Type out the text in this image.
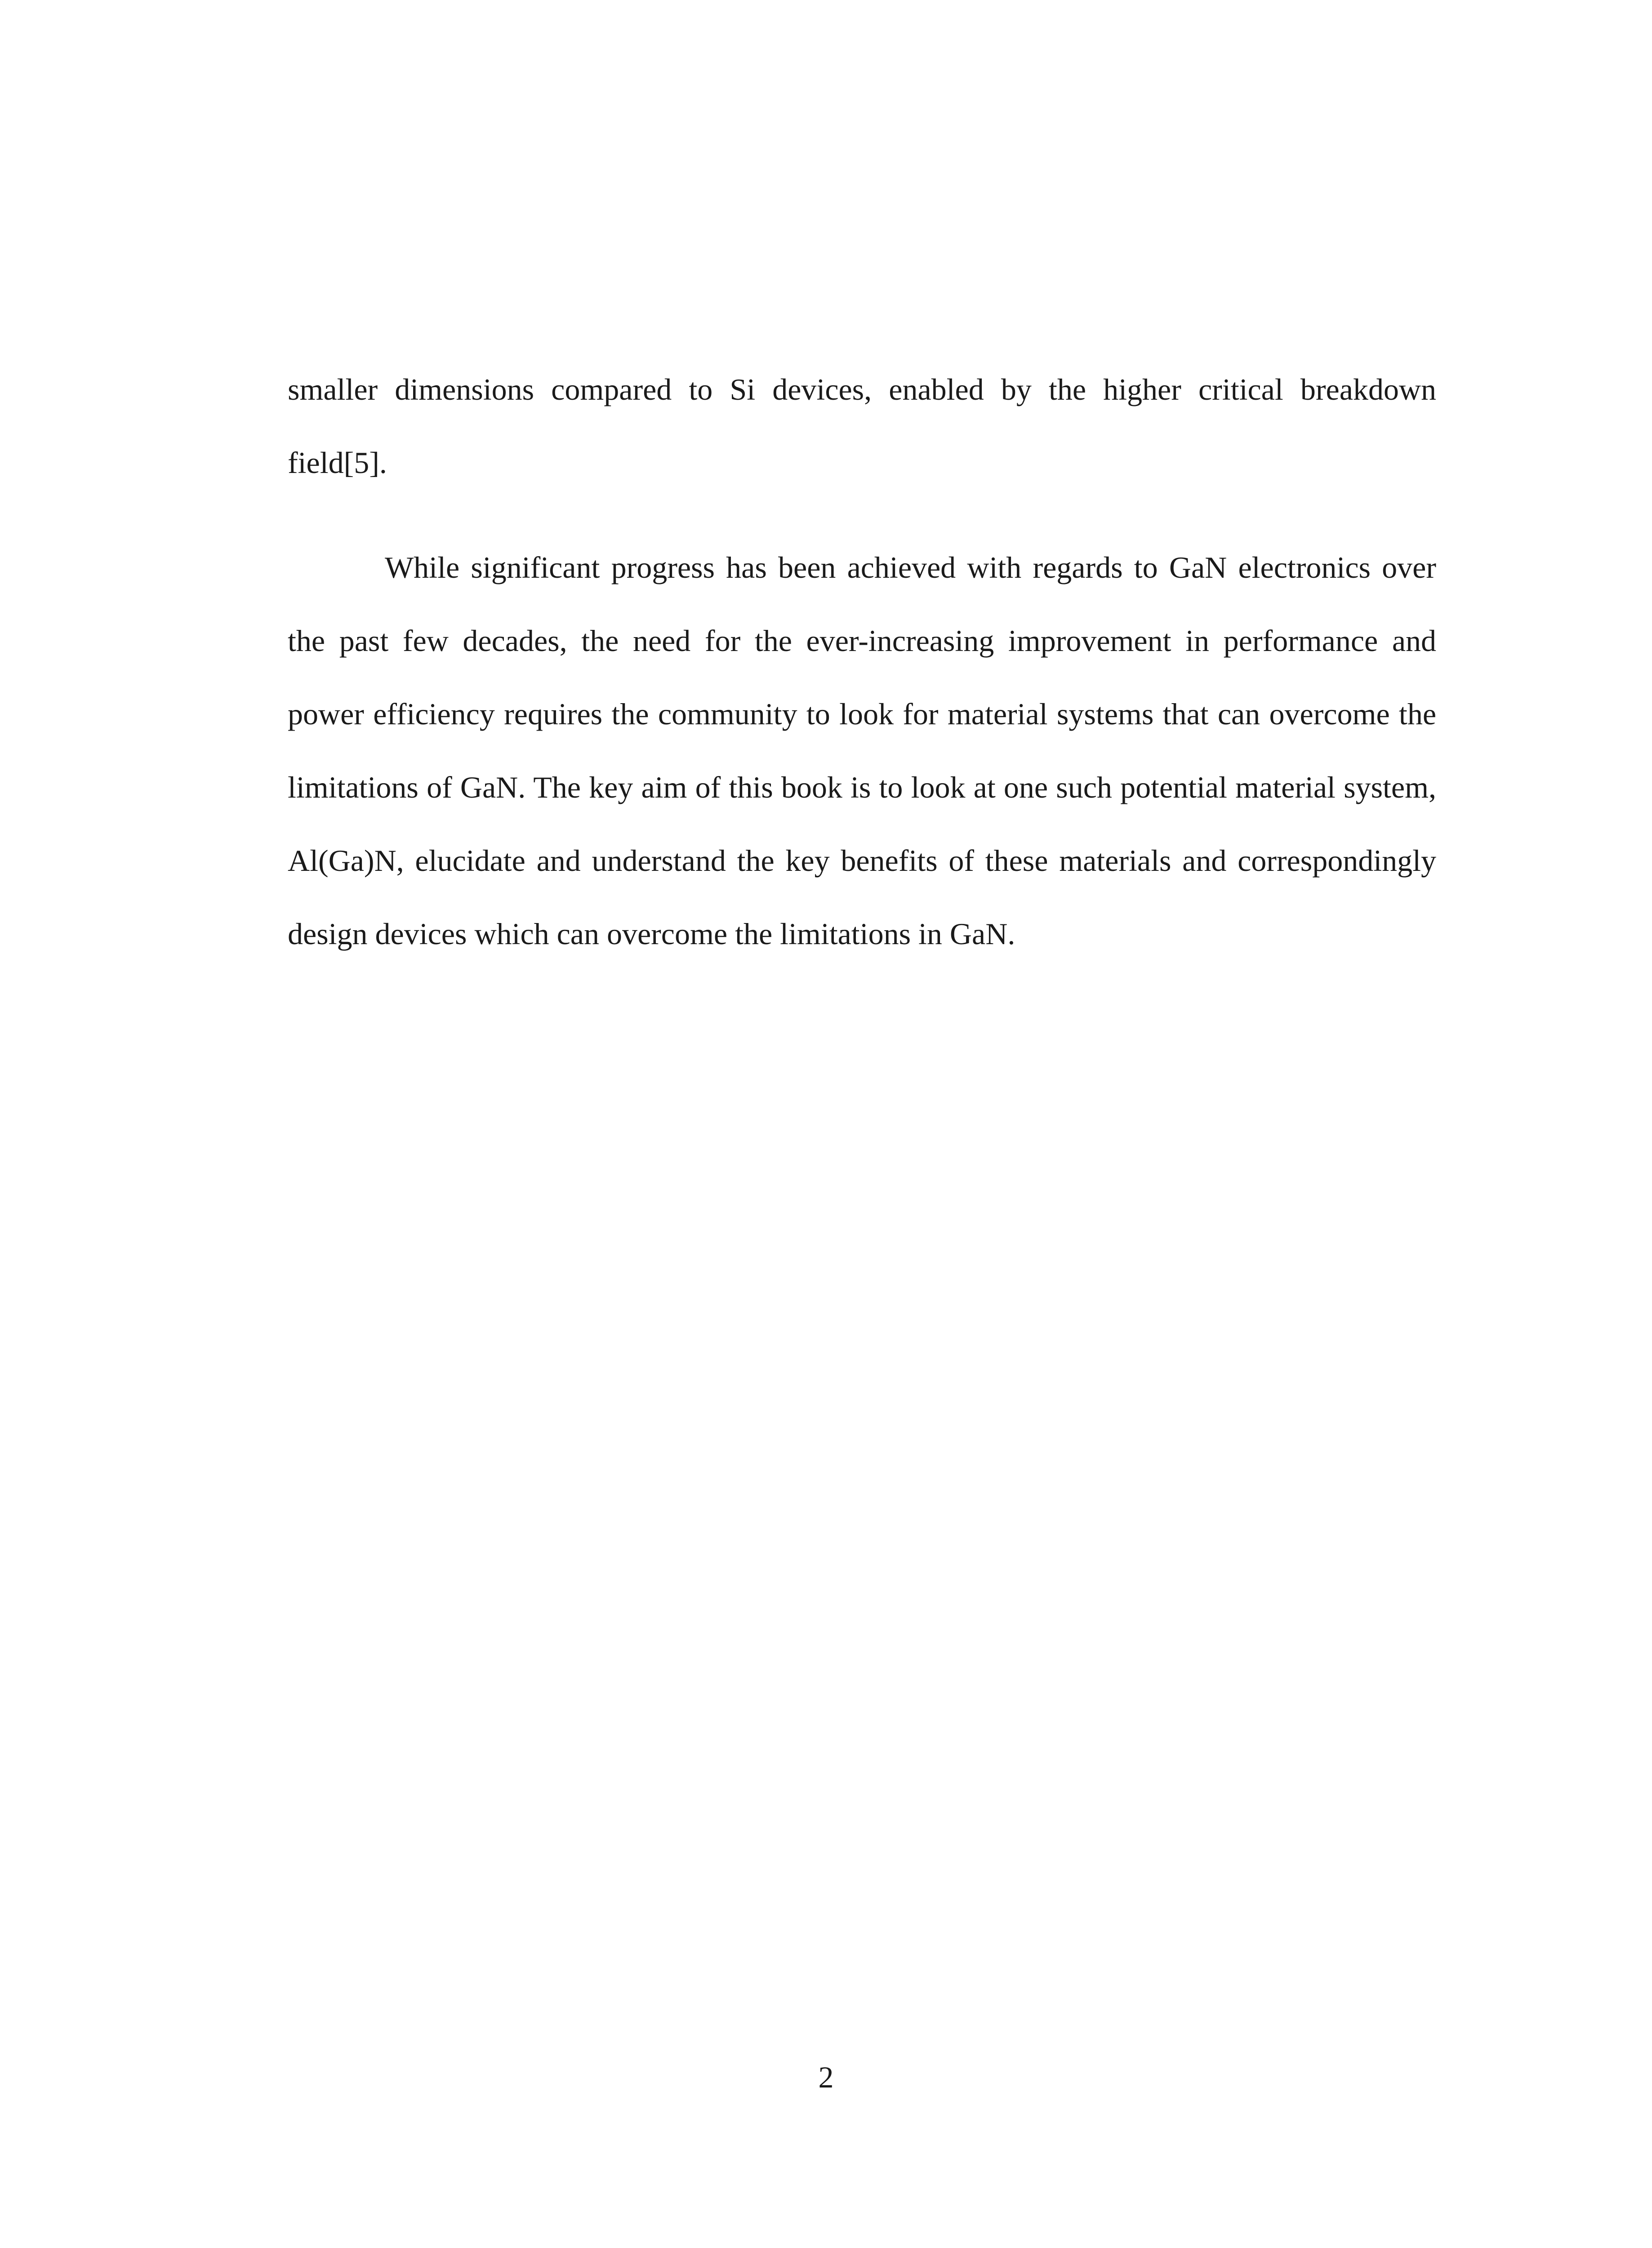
smaller dimensions compared to Si devices, enabled by the higher critical breakdown field[5].

While significant progress has been achieved with regards to GaN electronics over the past few decades, the need for the ever-increasing improvement in performance and power efficiency requires the community to look for material systems that can overcome the limitations of GaN. The key aim of this book is to look at one such potential material system, Al(Ga)N, elucidate and understand the key benefits of these materials and correspondingly design devices which can overcome the limitations in GaN.

2
